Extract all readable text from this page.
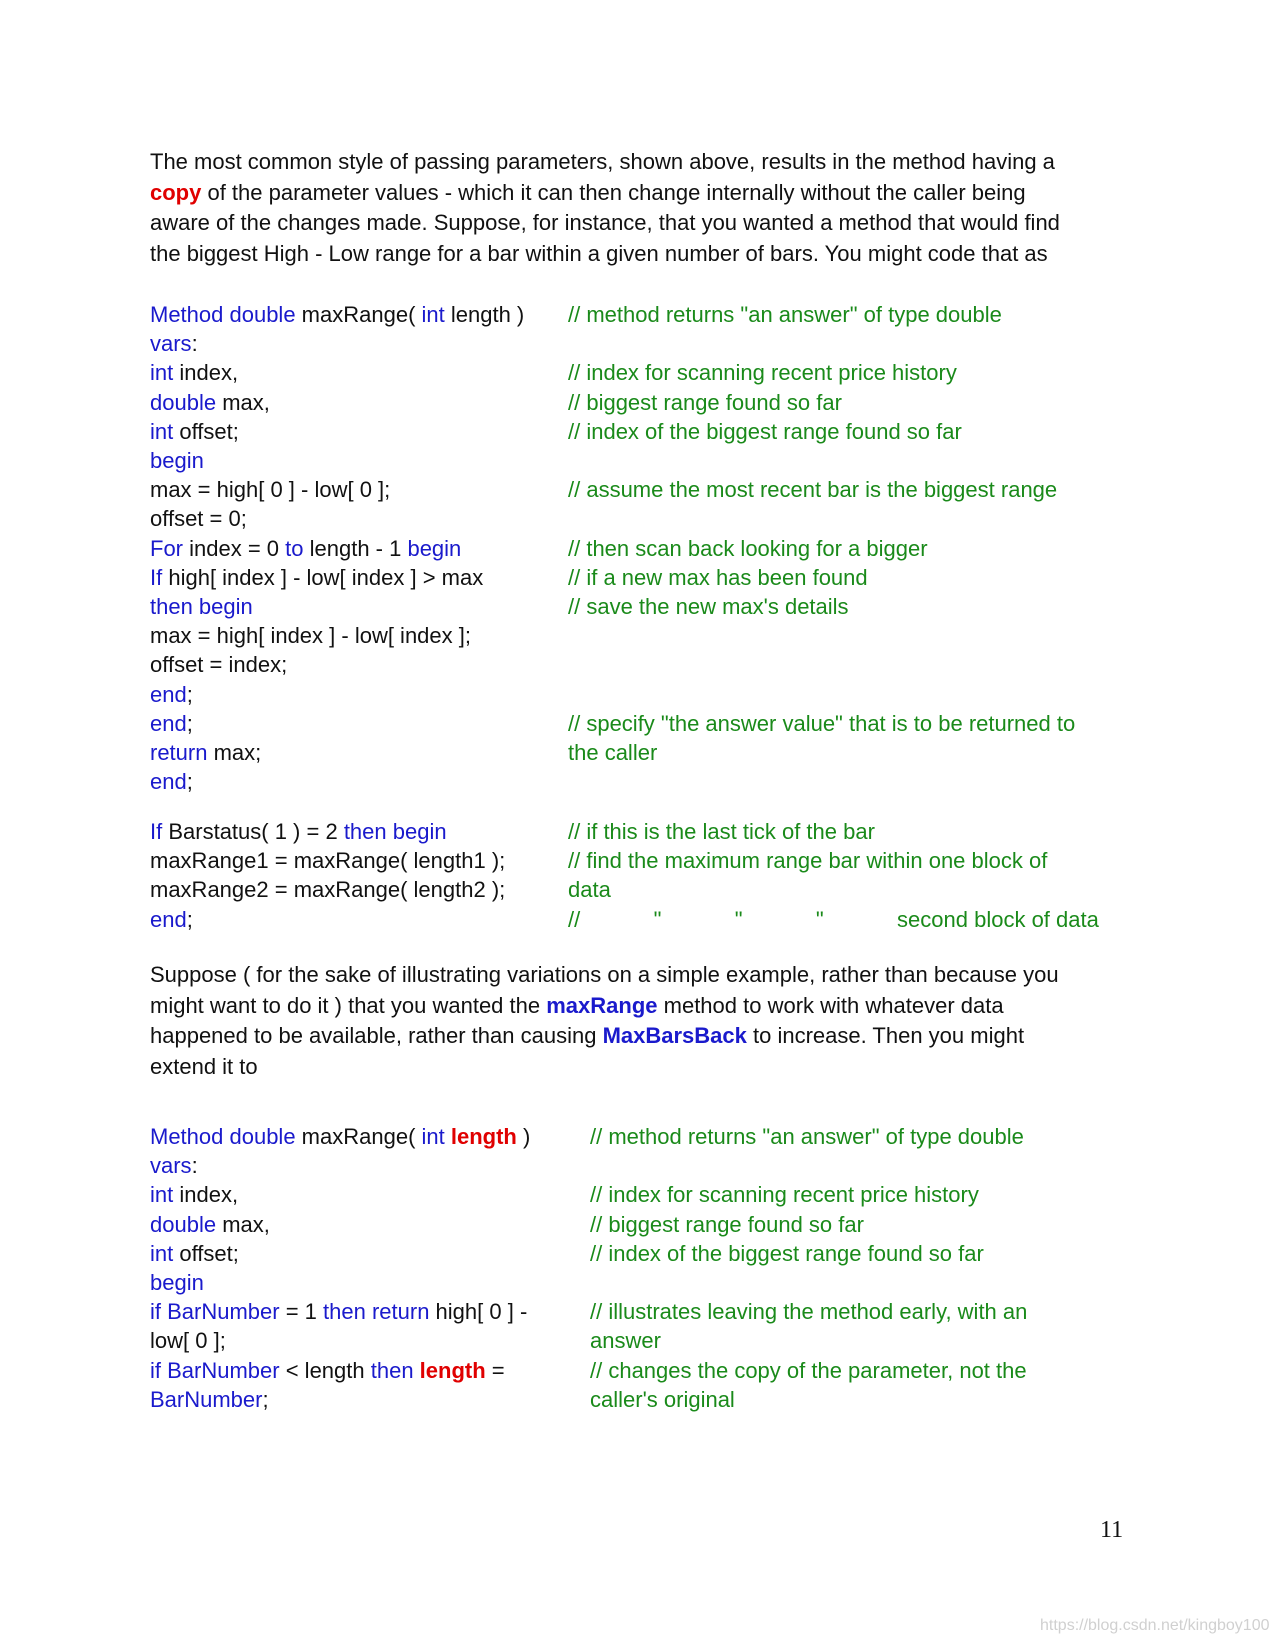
The most common style of passing parameters, shown above, results in the method having a
copy of the parameter values - which it can then change internally without the caller being
aware of the changes made. Suppose, for instance, that you wanted a method that would find
the biggest High - Low range for a bar within a given number of bars. You might code that as
Method double maxRange( int length )
vars:
int index,
double max,
int offset;
begin
max = high[ 0 ] - low[ 0 ];
offset = 0;
For index = 0 to length - 1 begin
If high[ index ] - low[ index ] > max
then begin
max = high[ index ] - low[ index ];
offset = index;
end;
end;
return max;
end;
// method returns "an answer" of type double
// index for scanning recent price history
// biggest range found so far
// index of the biggest range found so far
// assume the most recent bar is the biggest range
// then scan back looking for a bigger
// if a new max has been found
// save the new max's details
// specify "the answer value" that is to be returned to
the caller
If Barstatus( 1 ) = 2 then begin
maxRange1 = maxRange( length1 );
maxRange2 = maxRange( length2 );
end;
// if this is the last tick of the bar
// find the maximum range bar within one block of
data
//            "            "            "            second block of data
Suppose ( for the sake of illustrating variations on a simple example, rather than because you
might want to do it ) that you wanted the maxRange method to work with whatever data
happened to be available, rather than causing MaxBarsBack to increase. Then you might
extend it to
Method double maxRange( int length )
vars:
int index,
double max,
int offset;
begin
if BarNumber = 1 then return high[ 0 ] -
low[ 0 ];
if BarNumber < length then length =
BarNumber;
// method returns "an answer" of type double
// index for scanning recent price history
// biggest range found so far
// index of the biggest range found so far
// illustrates leaving the method early, with an
answer
// changes the copy of the parameter, not the
caller's original
11
https://blog.csdn.net/kingboy100
